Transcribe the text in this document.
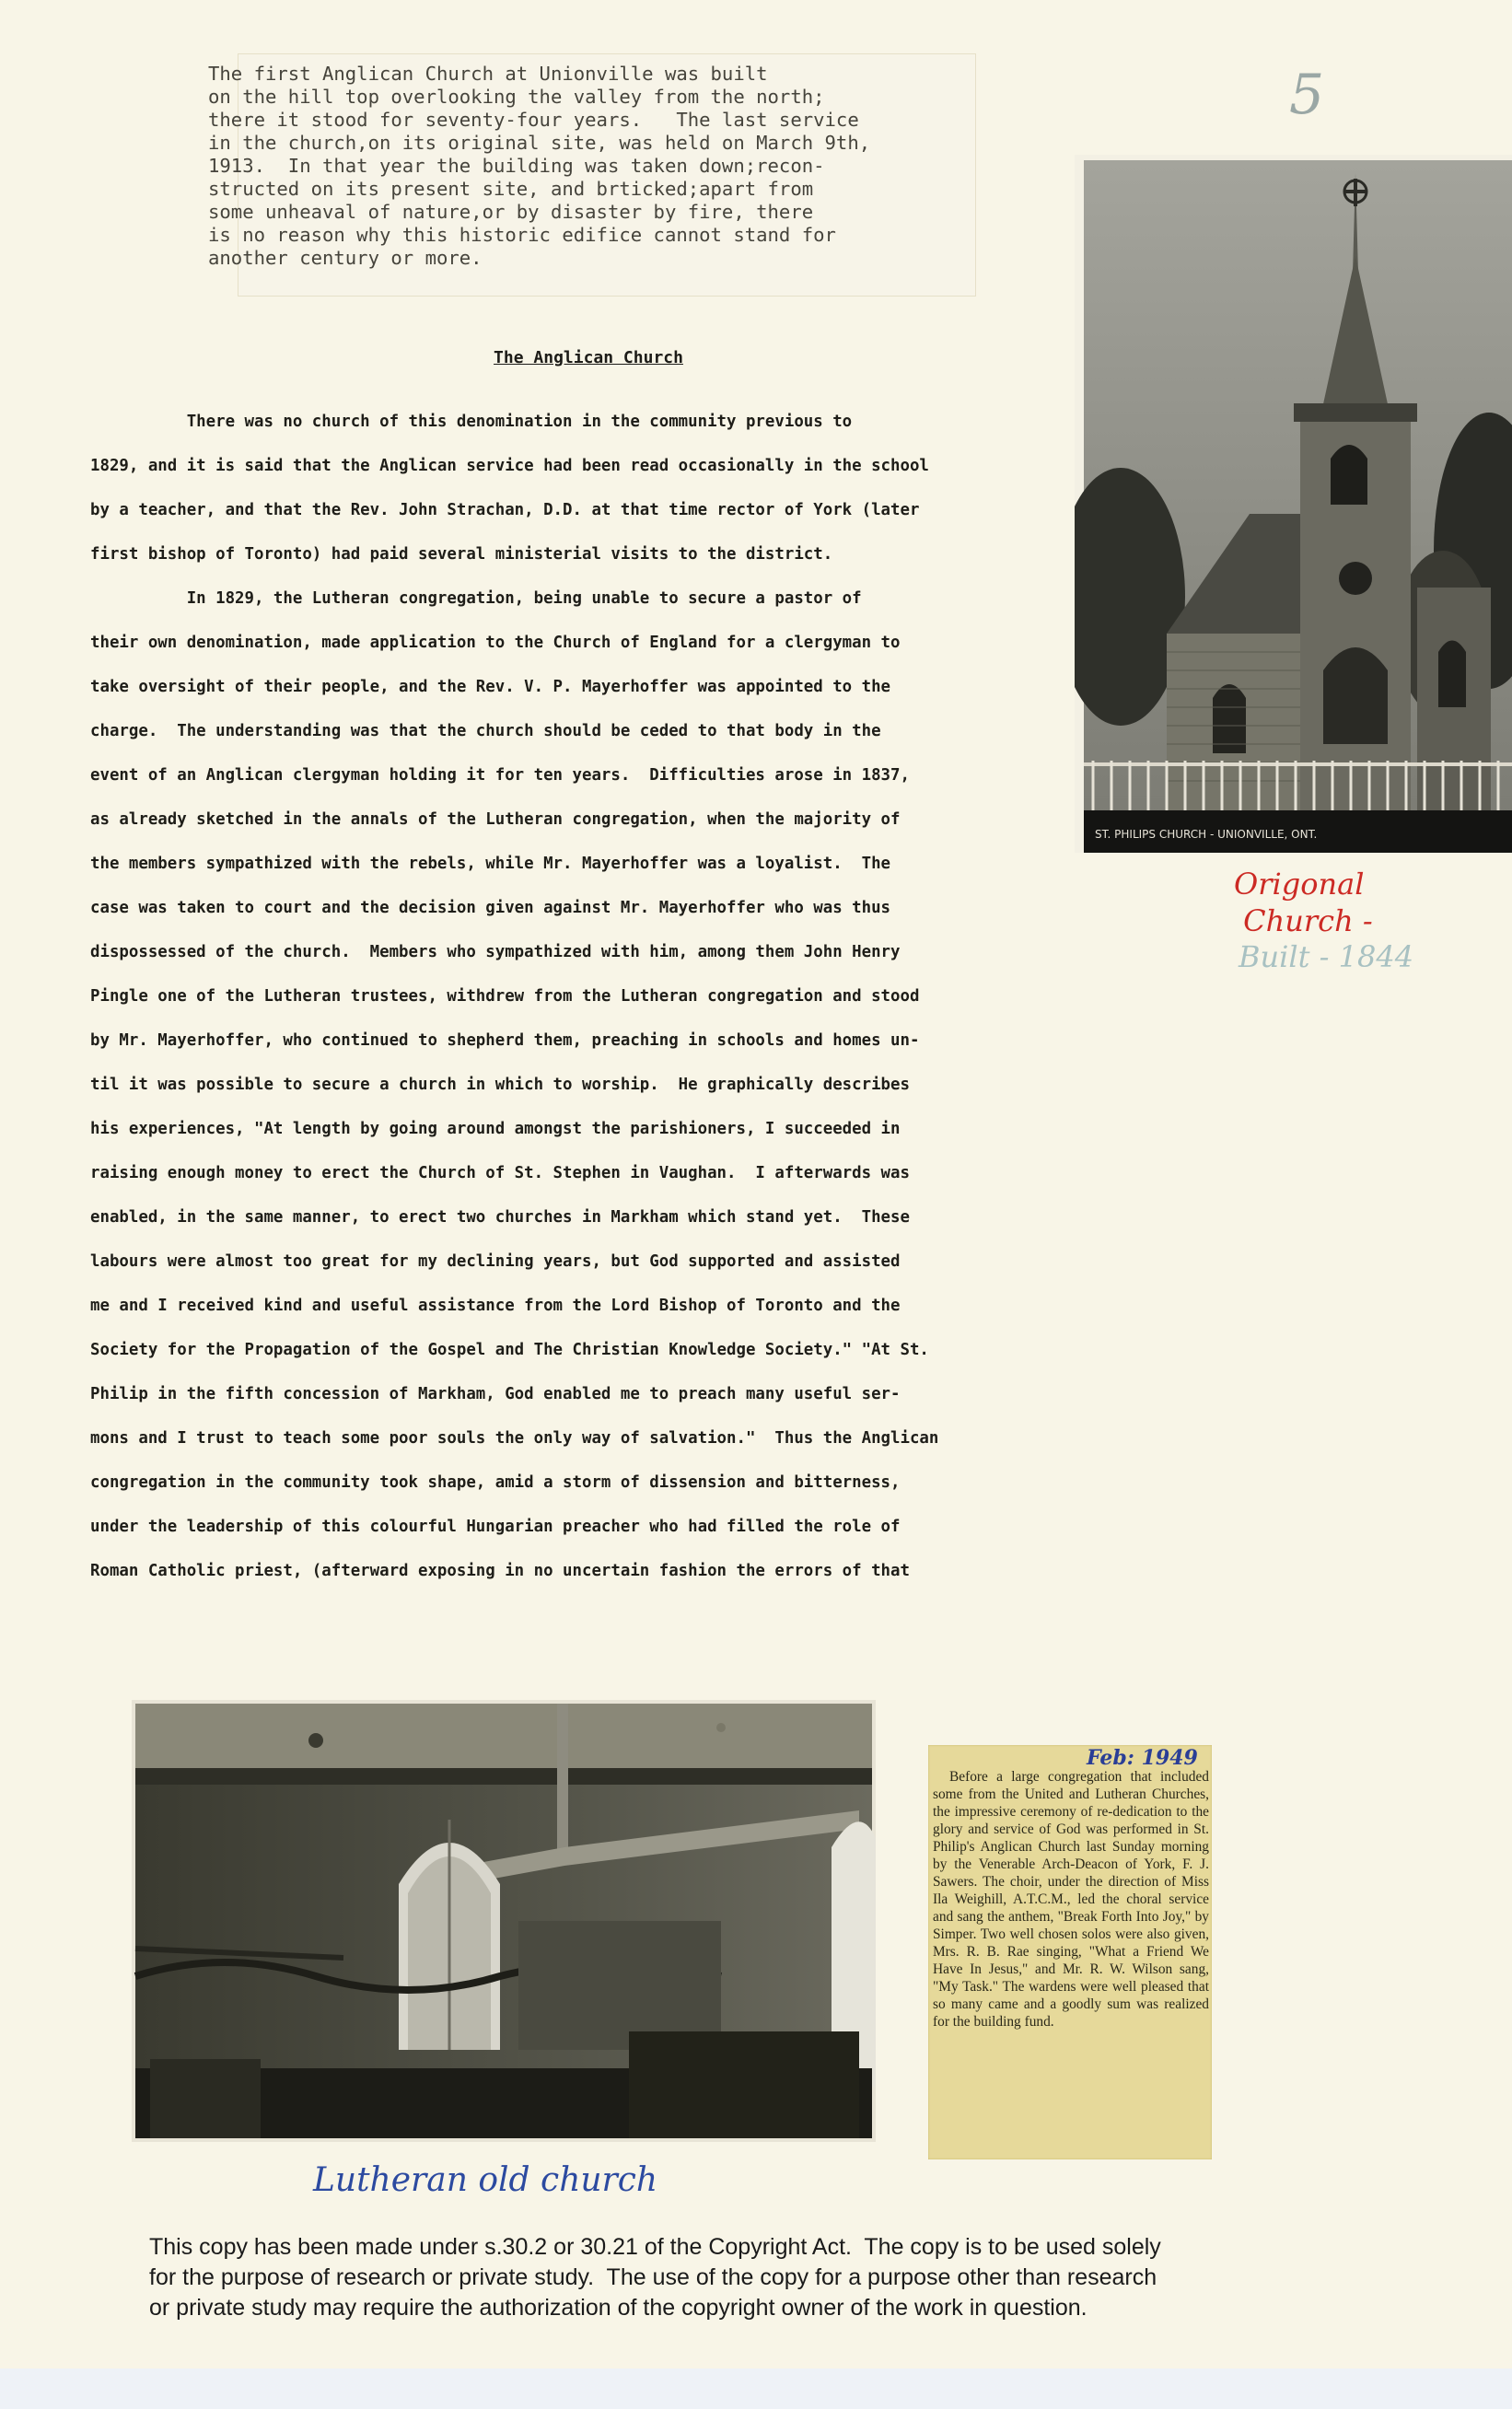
The first Anglican Church at Unionville was built
on the hill top overlooking the valley from the north;
there it stood for seventy-four years.   The last service
in the church,on its original site, was held on March 9th,
1913.  In that year the building was taken down;recon-
structed on its present site, and brticked;apart from
some unheaval of nature,or by disaster by fire, there
is no reason why this historic edifice cannot stand for
another century or more.
5
ST. PHILIPS CHURCH - UNIONVILLE, ONT.
Origonal
Church -
Built - 1844
The Anglican Church
There was no church of this denomination in the community previous to
1829, and it is said that the Anglican service had been read occasionally in the school
by a teacher, and that the Rev. John Strachan, D.D. at that time rector of York (later
first bishop of Toronto) had paid several ministerial visits to the district.
In 1829, the Lutheran congregation, being unable to secure a pastor of
their own denomination, made application to the Church of England for a clergyman to
take oversight of their people, and the Rev. V. P. Mayerhoffer was appointed to the
charge.  The understanding was that the church should be ceded to that body in the
event of an Anglican clergyman holding it for ten years.  Difficulties arose in 1837,
as already sketched in the annals of the Lutheran congregation, when the majority of
the members sympathized with the rebels, while Mr. Mayerhoffer was a loyalist.  The
case was taken to court and the decision given against Mr. Mayerhoffer who was thus
dispossessed of the church.  Members who sympathized with him, among them John Henry
Pingle one of the Lutheran trustees, withdrew from the Lutheran congregation and stood
by Mr. Mayerhoffer, who continued to shepherd them, preaching in schools and homes un-
til it was possible to secure a church in which to worship.  He graphically describes
his experiences, "At length by going around amongst the parishioners, I succeeded in
raising enough money to erect the Church of St. Stephen in Vaughan.  I afterwards was
enabled, in the same manner, to erect two churches in Markham which stand yet.  These
labours were almost too great for my declining years, but God supported and assisted
me and I received kind and useful assistance from the Lord Bishop of Toronto and the
Society for the Propagation of the Gospel and The Christian Knowledge Society." "At St.
Philip in the fifth concession of Markham, God enabled me to preach many useful ser-
mons and I trust to teach some poor souls the only way of salvation."  Thus the Anglican
congregation in the community took shape, amid a storm of dissension and bitterness,
under the leadership of this colourful Hungarian preacher who had filled the role of
Roman Catholic priest, (afterward exposing in no uncertain fashion the errors of that
Lutheran old church
Feb: 1949

Before a large congregation that included some from the United and Lutheran Churches, the impressive ceremony of re-dedication to the glory and service of God was performed in St. Philip's Anglican Church last Sunday morning by the Venerable Arch-Deacon of York, F. J. Sawers. The choir, under the direction of Miss Ila Weighill, A.T.C.M., led the choral service and sang the anthem, "Break Forth Into Joy," by Simper. Two well chosen solos were also given, Mrs. R. B. Rae singing, "What a Friend We Have In Jesus," and Mr. R. W. Wilson sang, "My Task." The wardens were well pleased that so many came and a goodly sum was realized for the building fund.

This copy has been made under s.30.2 or 30.21 of the Copyright Act.  The copy is to be used solely
for the purpose of research or private study.  The use of the copy for a purpose other than research
or private study may require the authorization of the copyright owner of the work in question.
